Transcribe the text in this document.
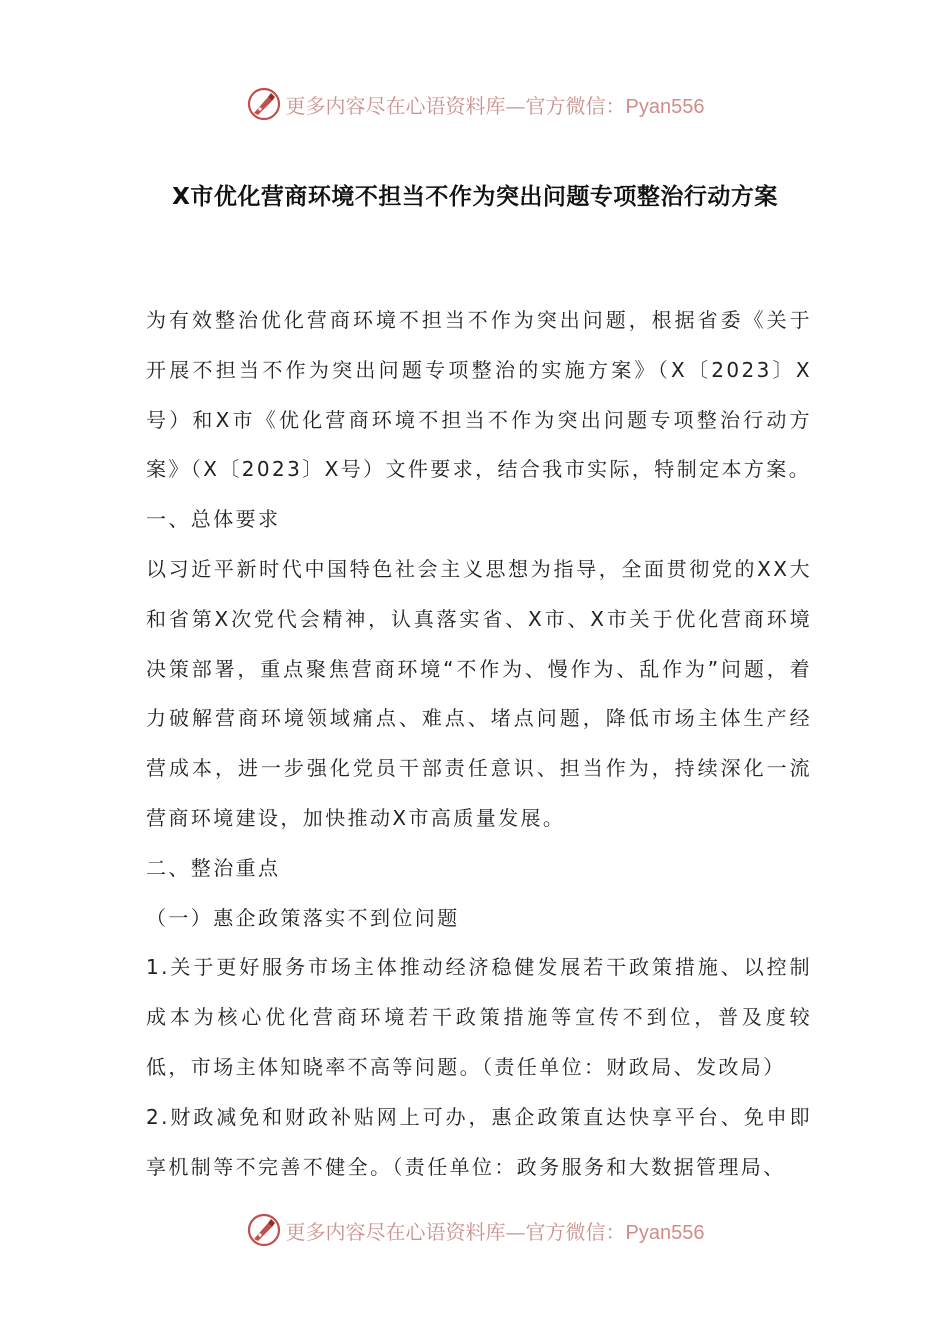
更多内容尽在心语资料库—官方微信：Pyan556
X市优化营商环境不担当不作为突出问题专项整治行动方案

为有效整治优化营商环境不担当不作为突出问题，根据省委《关于开展不担当不作为突出问题专项整治的实施方案》（X〔2023〕X号）和X市《优化营商环境不担当不作为突出问题专项整治行动方案》（X〔2023〕X号）文件要求，结合我市实际，特制定本方案。

一、总体要求

以习近平新时代中国特色社会主义思想为指导，全面贯彻党的XX大和省第X次党代会精神，认真落实省、X市、X市关于优化营商环境决策部署，重点聚焦营商环境“不作为、慢作为、乱作为”问题，着力破解营商环境领域痛点、难点、堵点问题，降低市场主体生产经营成本，进一步强化党员干部责任意识、担当作为，持续深化一流营商环境建设，加快推动X市高质量发展。

二、整治重点

（一）惠企政策落实不到位问题

1.关于更好服务市场主体推动经济稳健发展若干政策措施、以控制成本为核心优化营商环境若干政策措施等宣传不到位，普及度较低，市场主体知晓率不高等问题。（责任单位：财政局、发改局）

2.财政减免和财政补贴网上可办，惠企政策直达快享平台、免申即享机制等不完善不健全。（责任单位：政务服务和大数据管理局、

更多内容尽在心语资料库—官方微信：Pyan556
